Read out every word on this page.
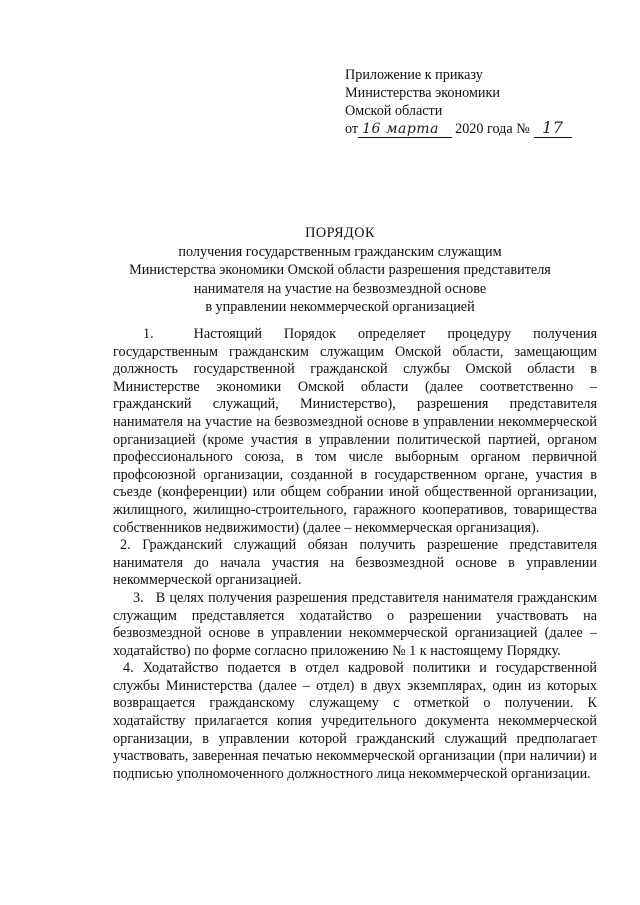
Приложение к приказу
Министерства экономики
Омской области
от 16 марта	2020 года № 17
ПОРЯДОК
получения государственным гражданским служащим
Министерства экономики Омской области разрешения представителя
нанимателя на участие на безвозмездной основе
в управлении некоммерческой организацией

1.	Настоящий Порядок определяет процедуру получения государственным гражданским служащим Омской области, замещающим должность государственной гражданской службы Омской области в Министерстве экономики Омской области (далее соответственно – гражданский служащий, Министерство), разрешения представителя нанимателя на участие на безвозмездной основе в управлении некоммерческой организацией (кроме участия в управлении политической партией, органом профессионального союза, в том числе выборным органом первичной профсоюзной организации, созданной в государственном органе, участия в съезде (конференции) или общем собрании иной общественной организации, жилищного, жилищно-строительного, гаражного кооперативов, товарищества собственников недвижимости) (далее – некоммерческая организация).

2. Гражданский служащий обязан получить разрешение представителя нанимателя до начала участия на безвозмездной основе в управлении некоммерческой организацией.

3. В целях получения разрешения представителя нанимателя гражданским служащим представляется ходатайство о разрешении участвовать на безвозмездной основе в управлении некоммерческой организацией (далее – ходатайство) по форме согласно приложению № 1 к настоящему Порядку.

4. Ходатайство подается в отдел кадровой политики и государственной службы Министерства (далее – отдел) в двух экземплярах, один из которых возвращается гражданскому служащему с отметкой о получении. К ходатайству прилагается копия учредительного документа некоммерческой организации, в управлении которой гражданский служащий предполагает участвовать, заверенная печатью некоммерческой организации (при наличии) и подписью уполномоченного должностного лица некоммерческой организации.
